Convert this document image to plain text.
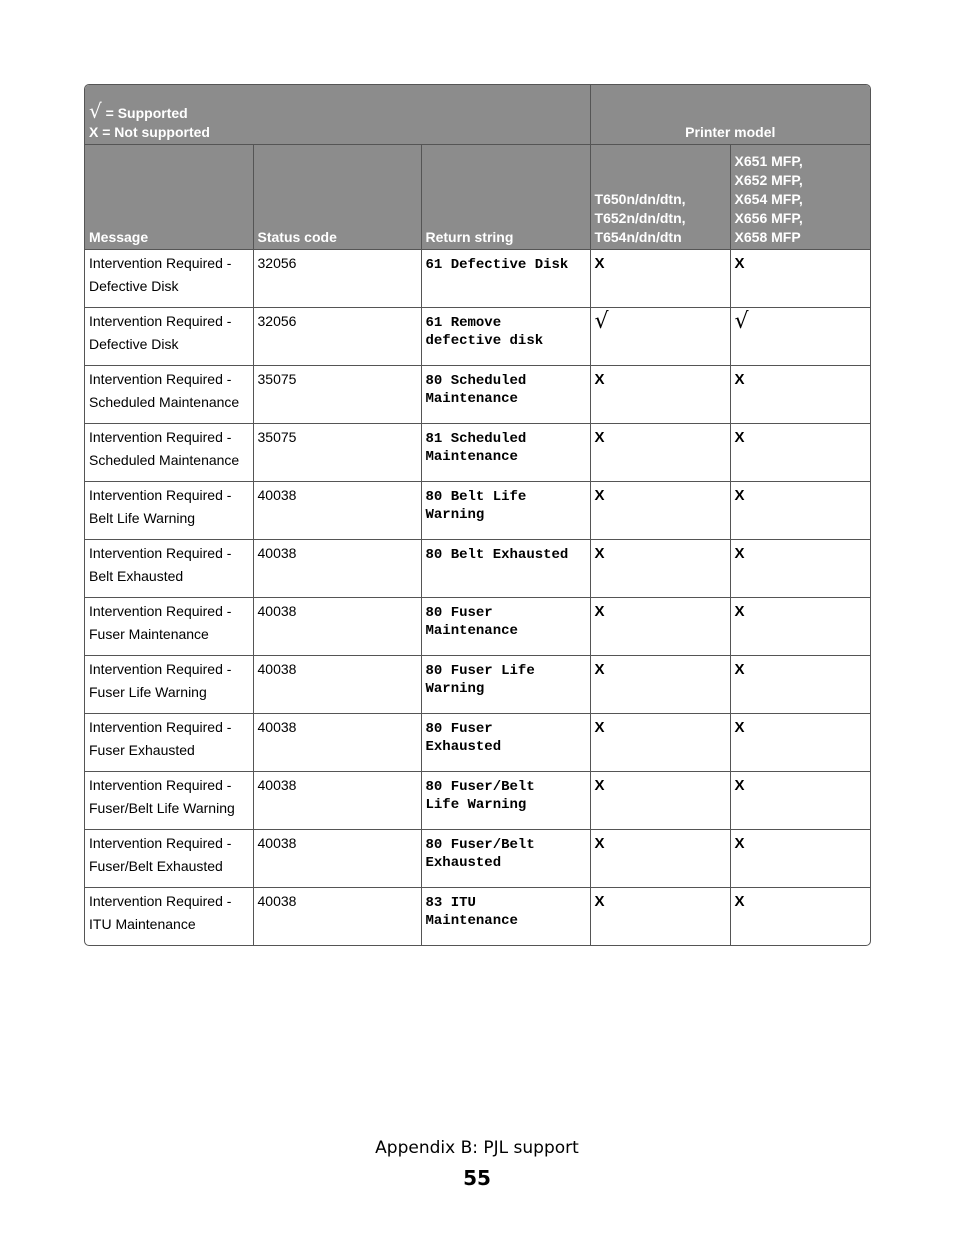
√ = Supported
X = Not supported			Printer model	
Message	Status code	Return string	T650n/dn/dtn,
T652n/dn/dtn,
T654n/dn/dtn	X651 MFP,
X652 MFP,
X654 MFP,
X656 MFP,
X658 MFP

Intervention Required - Defective Disk	32056	61 Defective Disk	X	X
Intervention Required - Defective Disk	32056	61 Remove
defective disk	√	√
Intervention Required - Scheduled Maintenance	35075	80 Scheduled
Maintenance	X	X
Intervention Required - Scheduled Maintenance	35075	81 Scheduled
Maintenance	X	X
Intervention Required - Belt Life Warning	40038	80 Belt Life
Warning	X	X
Intervention Required - Belt Exhausted	40038	80 Belt Exhausted	X	X
Intervention Required - Fuser Maintenance	40038	80 Fuser
Maintenance	X	X
Intervention Required - Fuser Life Warning	40038	80 Fuser Life
Warning	X	X
Intervention Required - Fuser Exhausted	40038	80 Fuser
Exhausted	X	X
Intervention Required - Fuser/Belt Life Warning	40038	80 Fuser/Belt
Life Warning	X	X
Intervention Required - Fuser/Belt Exhausted	40038	80 Fuser/Belt
Exhausted	X	X
Intervention Required - ITU Maintenance	40038	83 ITU
Maintenance	X	X
Appendix B: PJL support
55
